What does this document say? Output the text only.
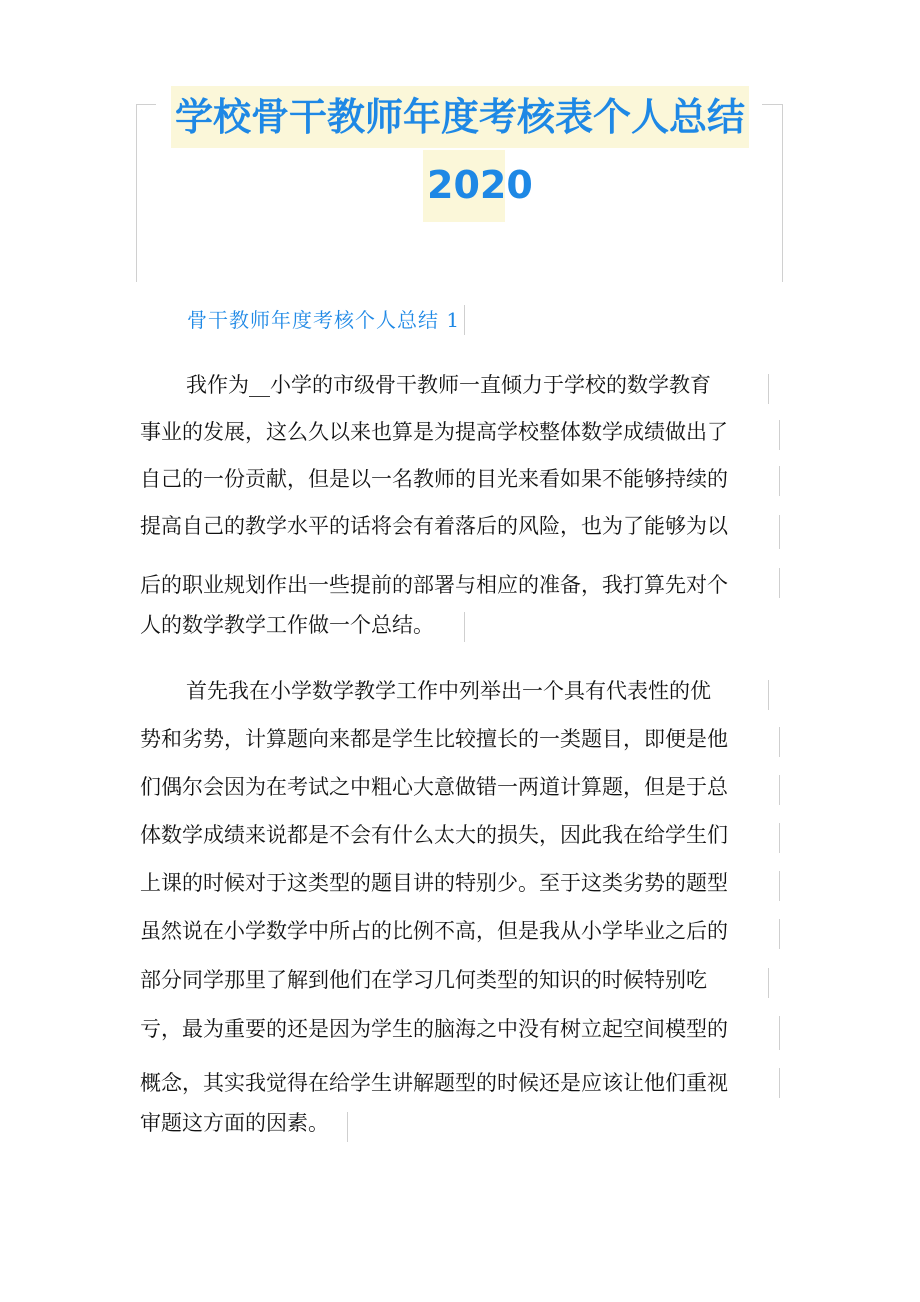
学校骨干教师年度考核表个人总结
2020
骨干教师年度考核个人总结 1
我作为__小学的市级骨干教师一直倾力于学校的数学教育
事业的发展，这么久以来也算是为提高学校整体数学成绩做出了
自己的一份贡献，但是以一名教师的目光来看如果不能够持续的
提高自己的教学水平的话将会有着落后的风险，也为了能够为以
后的职业规划作出一些提前的部署与相应的准备，我打算先对个
人的数学教学工作做一个总结。
首先我在小学数学教学工作中列举出一个具有代表性的优
势和劣势，计算题向来都是学生比较擅长的一类题目，即便是他
们偶尔会因为在考试之中粗心大意做错一两道计算题，但是于总
体数学成绩来说都是不会有什么太大的损失，因此我在给学生们
上课的时候对于这类型的题目讲的特别少。至于这类劣势的题型
虽然说在小学数学中所占的比例不高，但是我从小学毕业之后的
部分同学那里了解到他们在学习几何类型的知识的时候特别吃
亏，最为重要的还是因为学生的脑海之中没有树立起空间模型的
概念，其实我觉得在给学生讲解题型的时候还是应该让他们重视
审题这方面的因素。
